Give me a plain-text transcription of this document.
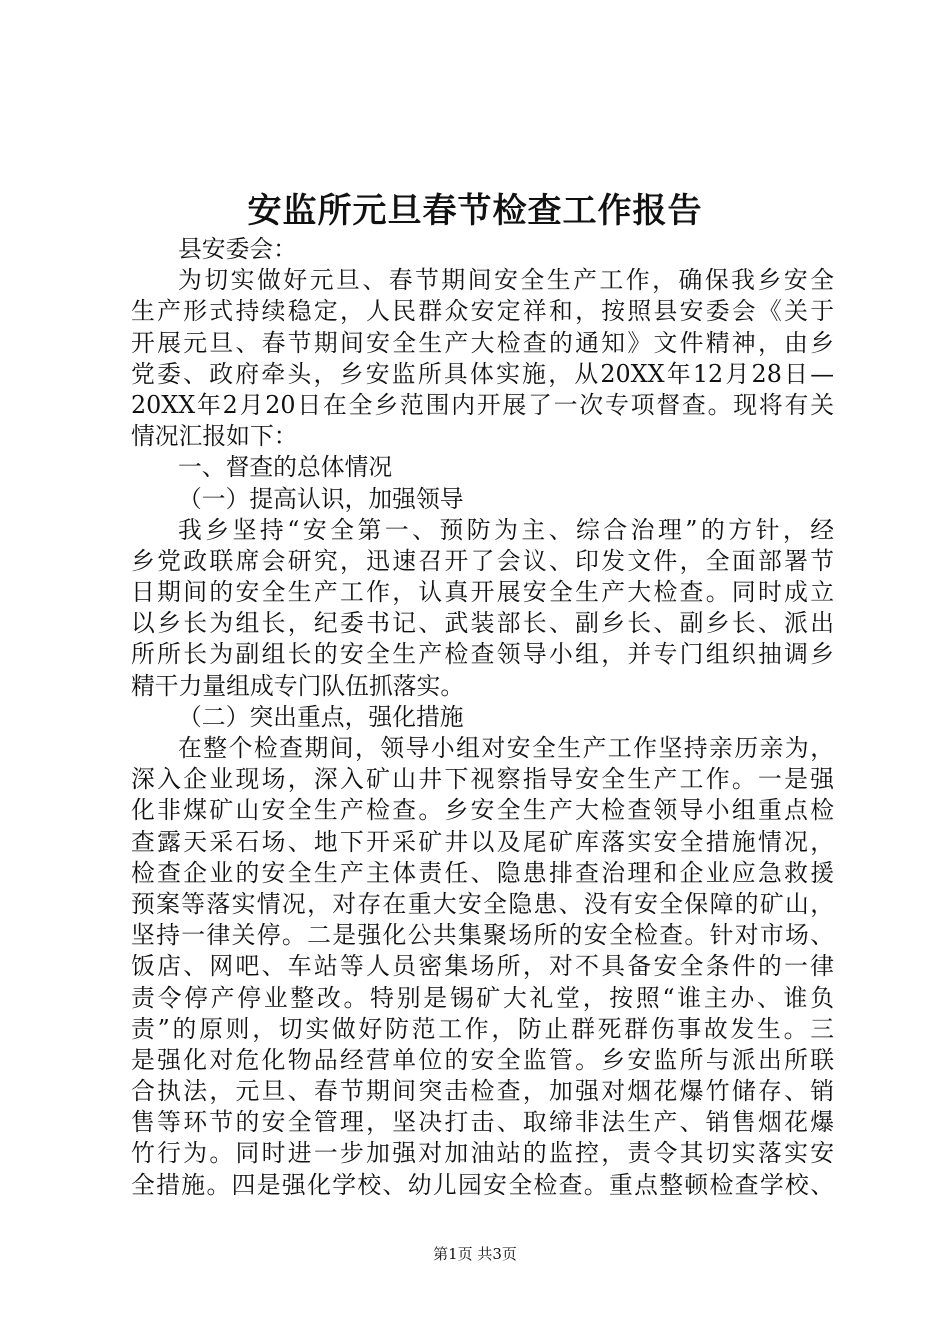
安监所元旦春节检查工作报告
县安委会：
为切实做好元旦、春节期间安全生产工作，确保我乡安全
生产形式持续稳定，人民群众安定祥和，按照县安委会《关于
开展元旦、春节期间安全生产大检查的通知》文件精神，由乡
党委、政府牵头，乡安监所具体实施，从20XX年12月28日—
20XX年2月20日在全乡范围内开展了一次专项督查。现将有关
情况汇报如下：
一、督查的总体情况
（一）提高认识，加强领导
我乡坚持“安全第一、预防为主、综合治理”的方针，经
乡党政联席会研究，迅速召开了会议、印发文件，全面部署节
日期间的安全生产工作，认真开展安全生产大检查。同时成立
以乡长为组长，纪委书记、武装部长、副乡长、副乡长、派出
所所长为副组长的安全生产检查领导小组，并专门组织抽调乡
精干力量组成专门队伍抓落实。
（二）突出重点，强化措施
在整个检查期间，领导小组对安全生产工作坚持亲历亲为，
深入企业现场，深入矿山井下视察指导安全生产工作。一是强
化非煤矿山安全生产检查。乡安全生产大检查领导小组重点检
查露天采石场、地下开采矿井以及尾矿库落实安全措施情况，
检查企业的安全生产主体责任、隐患排查治理和企业应急救援
预案等落实情况，对存在重大安全隐患、没有安全保障的矿山，
坚持一律关停。二是强化公共集聚场所的安全检查。针对市场、
饭店、网吧、车站等人员密集场所，对不具备安全条件的一律
责令停产停业整改。特别是锡矿大礼堂，按照“谁主办、谁负
责”的原则，切实做好防范工作，防止群死群伤事故发生。三
是强化对危化物品经营单位的安全监管。乡安监所与派出所联
合执法，元旦、春节期间突击检查，加强对烟花爆竹储存、销
售等环节的安全管理，坚决打击、取缔非法生产、销售烟花爆
竹行为。同时进一步加强对加油站的监控，责令其切实落实安
全措施。四是强化学校、幼儿园安全检查。重点整顿检查学校、
第1页 共3页
